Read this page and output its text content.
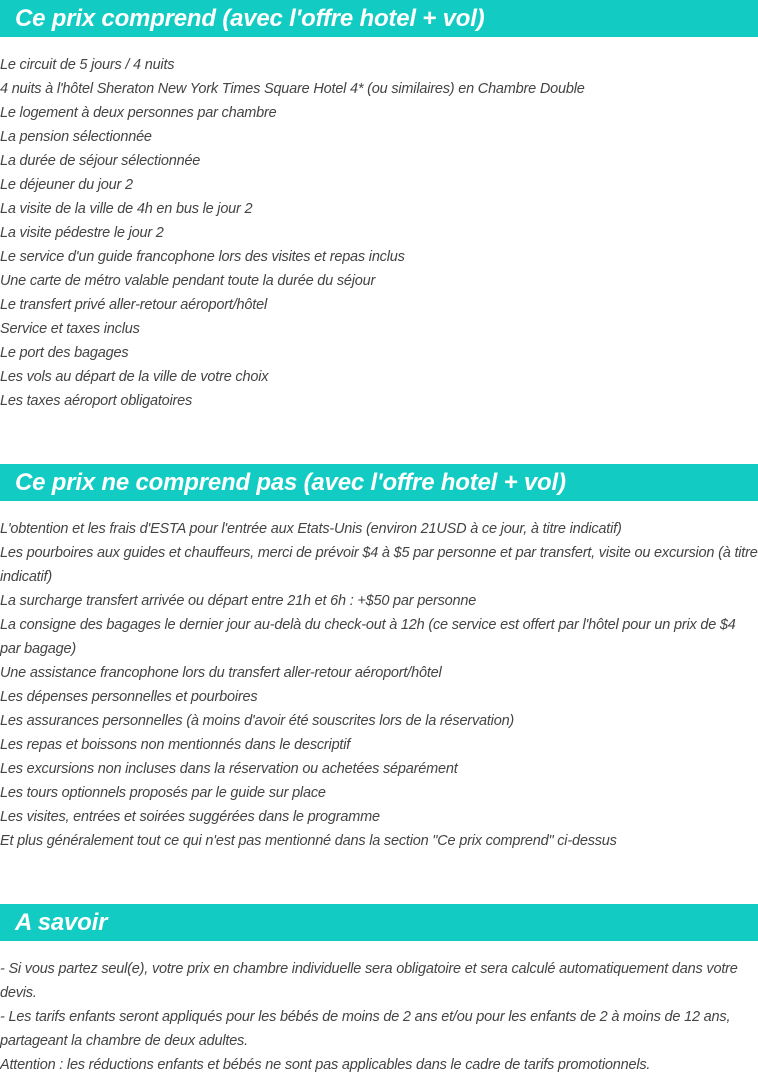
Ce prix comprend (avec l'offre hotel + vol)
Le circuit de 5 jours / 4 nuits
4 nuits à l'hôtel Sheraton New York Times Square Hotel 4* (ou similaires) en Chambre Double
Le logement à deux personnes par chambre
La pension sélectionnée
La durée de séjour sélectionnée
Le déjeuner du jour 2
La visite de la ville de 4h en bus le jour 2
La visite pédestre le jour 2
Le service d'un guide francophone lors des visites et repas inclus
Une carte de métro valable pendant toute la durée du séjour
Le transfert privé aller-retour aéroport/hôtel
Service et taxes inclus
Le port des bagages
Les vols au départ de la ville de votre choix
Les taxes aéroport obligatoires
Ce prix ne comprend pas (avec l'offre hotel + vol)
L'obtention et les frais d'ESTA pour l'entrée aux Etats-Unis (environ 21USD à ce jour, à titre indicatif)
Les pourboires aux guides et chauffeurs, merci de prévoir $4 à $5 par personne et par transfert, visite ou excursion (à titre indicatif)
La surcharge transfert arrivée ou départ entre 21h et 6h : +$50 par personne
La consigne des bagages le dernier jour au-delà du check-out à 12h (ce service est offert par l'hôtel pour un prix de $4 par bagage)
Une assistance francophone lors du transfert aller-retour aéroport/hôtel
Les dépenses personnelles et pourboires
Les assurances personnelles (à moins d'avoir été souscrites lors de la réservation)
Les repas et boissons non mentionnés dans le descriptif
Les excursions non incluses dans la réservation ou achetées séparément
Les tours optionnels proposés par le guide sur place
Les visites, entrées et soirées suggérées dans le programme
Et plus généralement tout ce qui n'est pas mentionné dans la section "Ce prix comprend" ci-dessus
A savoir
- Si vous partez seul(e), votre prix en chambre individuelle sera obligatoire et sera calculé automatiquement dans votre devis.
- Les tarifs enfants seront appliqués pour les bébés de moins de 2 ans et/ou pour les enfants de 2 à moins de 12 ans, partageant la chambre de deux adultes.
Attention : les réductions enfants et bébés ne sont pas applicables dans le cadre de tarifs promotionnels.
